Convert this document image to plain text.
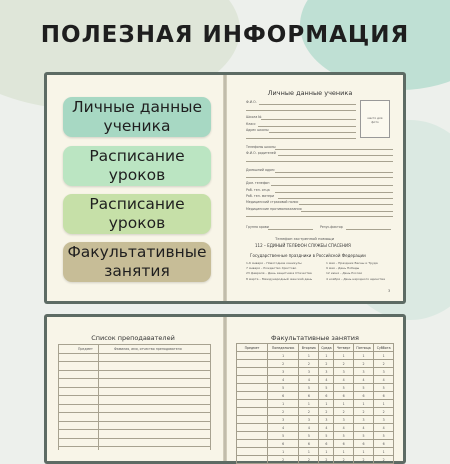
ПОЛЕЗНАЯ ИНФОРМАЦИЯ
Личные данные ученика
место для фото
Группа крови	Резус-фактор
Телефон экстренной помощи
112 – ЕДИНЫЙ ТЕЛЕФОН СЛУЖБЫ СПАСЕНИЯ
Государственные праздники в Российской Федерации
3
Личные данные
ученика
Расписание
уроков
Расписание
уроков
Факультативные
занятия
Список преподавателей	Факультативные занятия
Предмет	Понедельник	Вторник	Среда	Четверг	Пятница	Суббота
	1	1	1	1	1	1
	2	2	2	2	2	2
	3	3	3	3	3	3
	4	4	4	4	4	4
	5	5	5	5	5	5
	6	6	6	6	6	6
	1	1	1	1	1	1
	2	2	2	2	2	2
	3	3	3	3	3	3
	4	4	4	4	4	4
	5	5	5	5	5	5
	6	6	6	6	6	6
	1	1	1	1	1	1
	2	2	2	2	2	2
Ф.И.О.
Школа №
Класс
Адрес школы
Телефоны школы
Ф.И.О. родителей
Домашний адрес
Дом. телефон
Раб. тел. отца
Раб. тел. матери
Медицинский страховой полис
Медицинские противопоказания
1-6 января – Новогодние каникулы
7 января – Рождество Христово
23 февраля – День защитника Отечества
8 марта – Международный женский день
1 мая – Праздник Весны и Труда
9 мая – День Победы
12 июня – День России
4 ноября – День народного единства
Предмет	Фамилия, имя, отчество преподавателя
